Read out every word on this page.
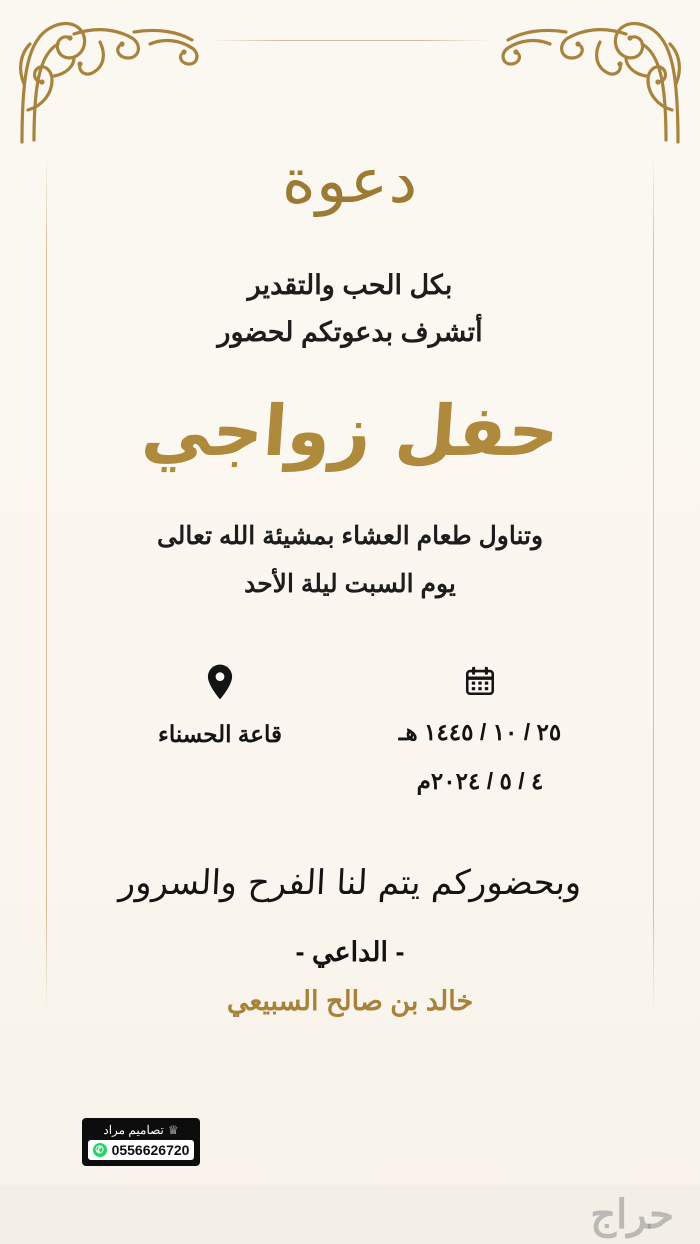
دعوة
بكل الحب والتقدير
أتشرف بدعوتكم لحضور
حفل زواجي
وتناول طعام العشاء بمشيئة الله تعالى
يوم السبت ليلة الأحد
٢٥ / ١٠ / ١٤٤٥ هـ
٤ / ٥ / ٢٠٢٤م
قاعة الحسناء
وبحضوركم يتم لنا الفرح والسرور
- الداعي -
خالد بن صالح السبيعي
♕
تصاميم مراد
✆ 0556626720
حراج
